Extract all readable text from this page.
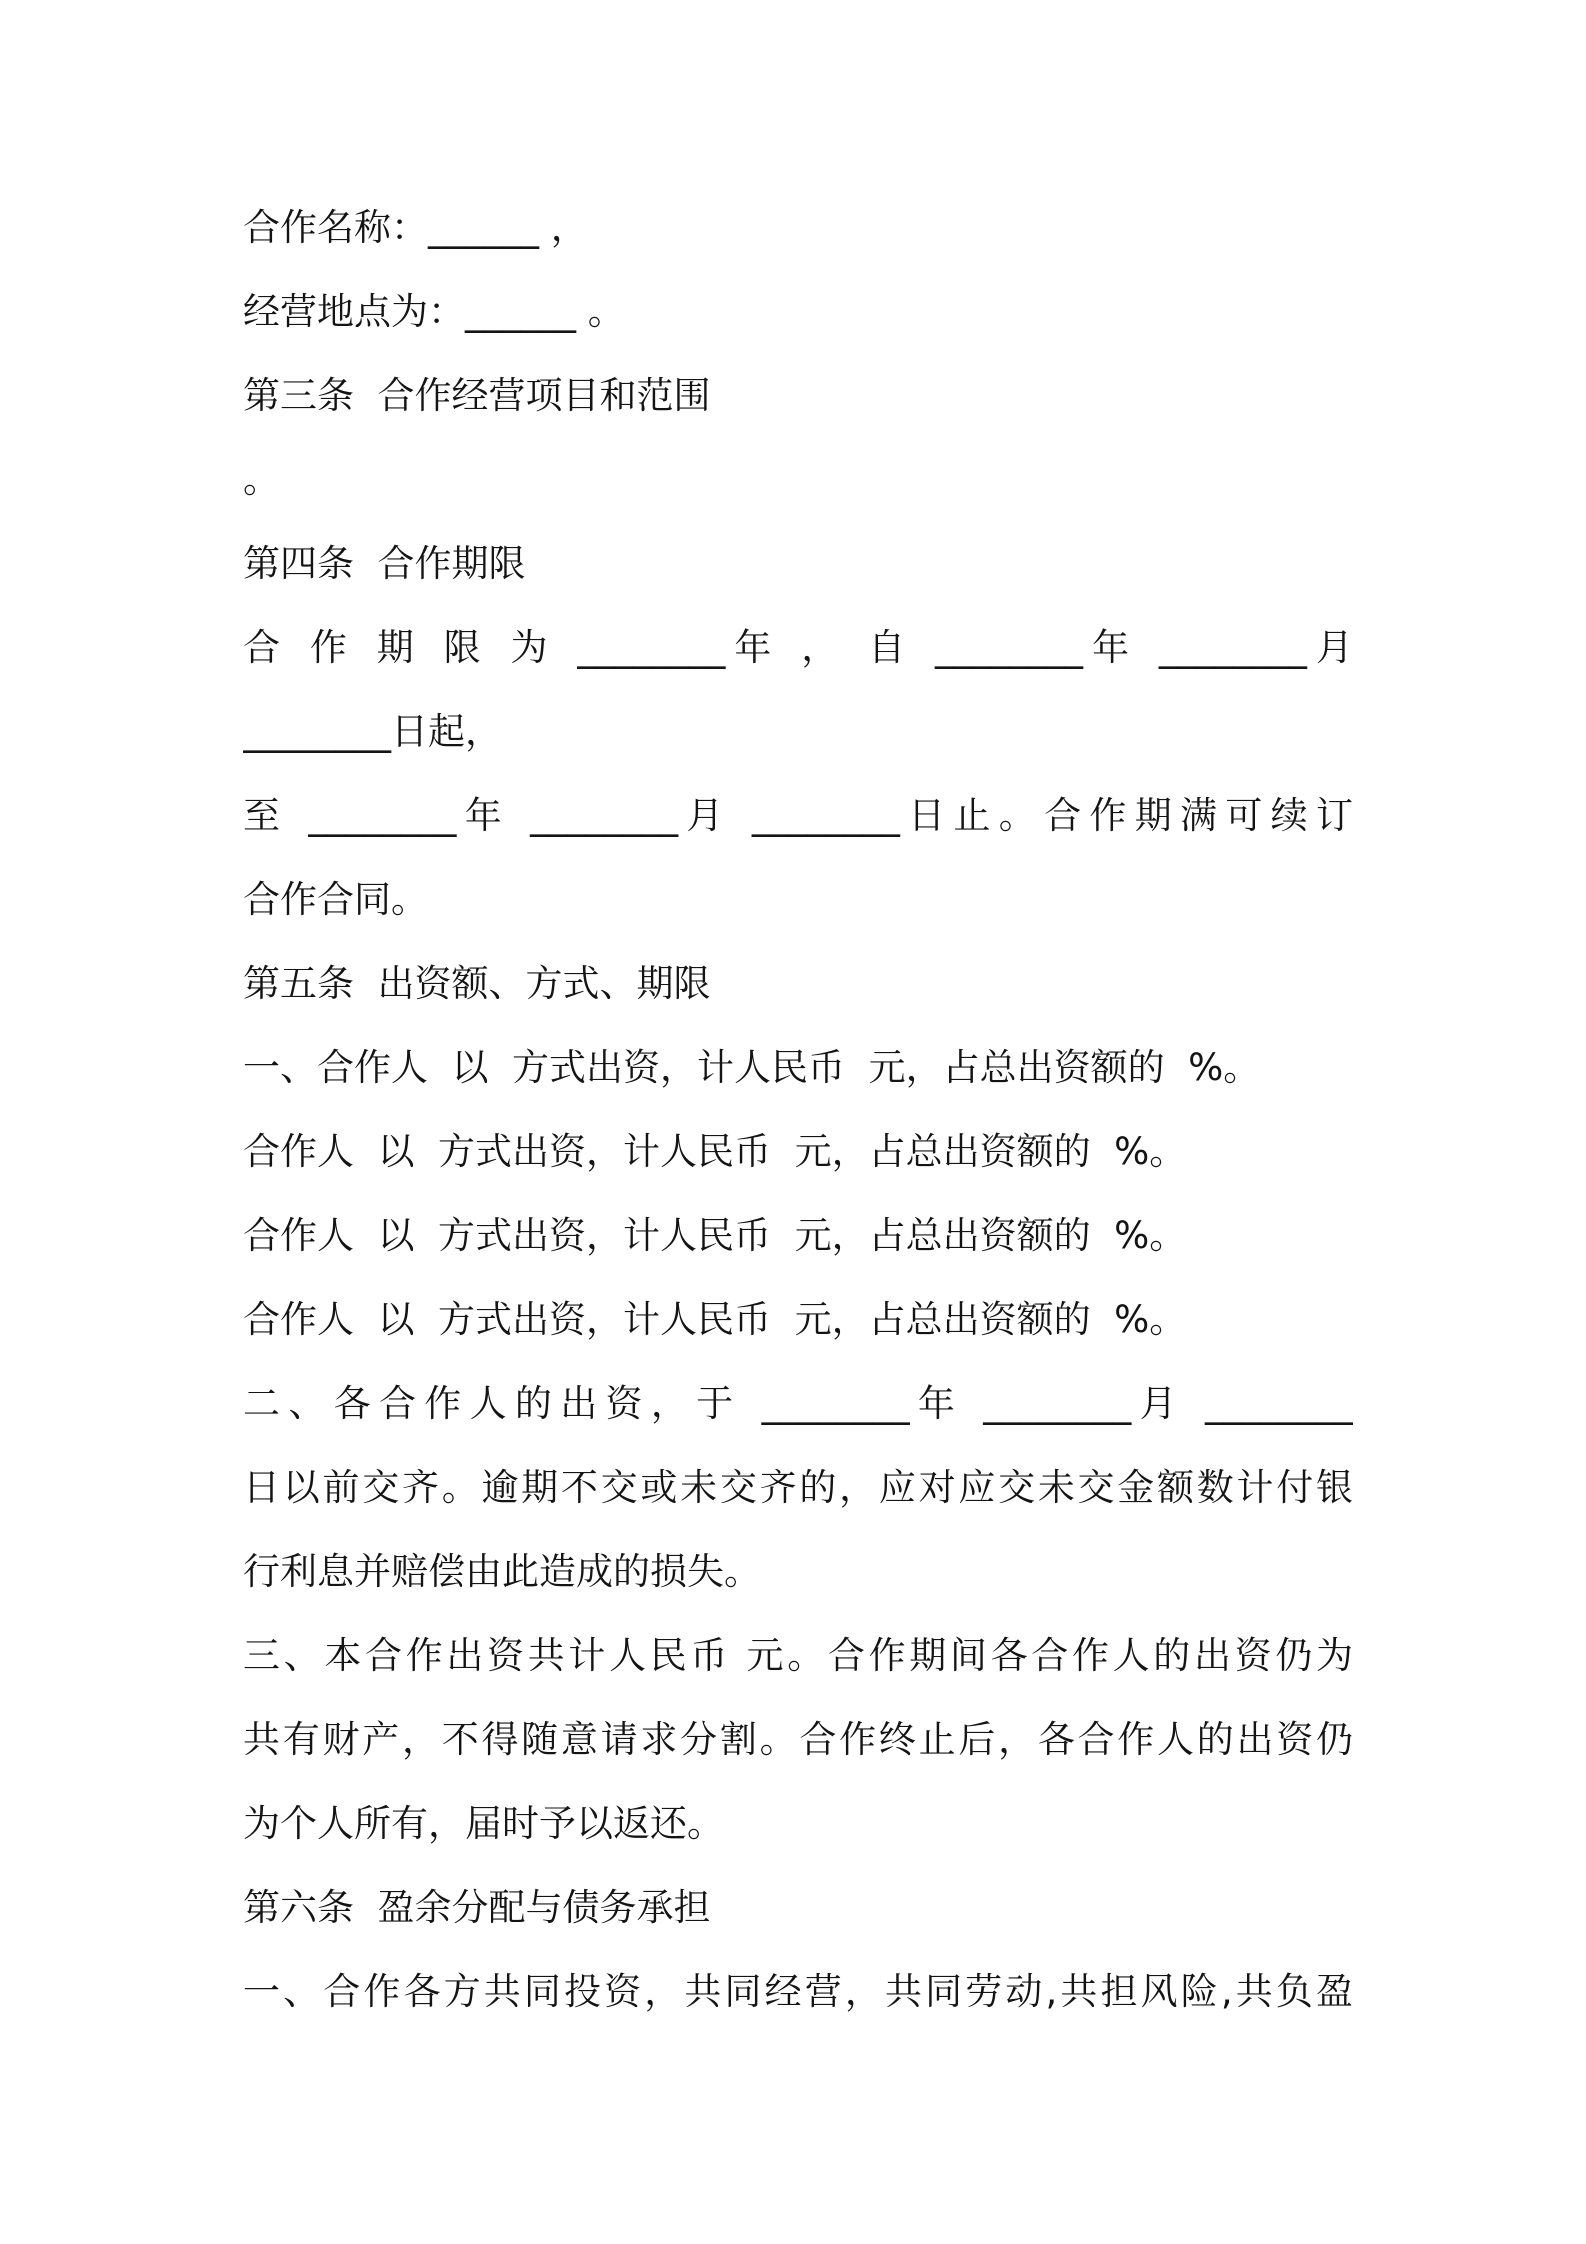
合作名称：______ ，
经营地点为：______ 。
第三条  合作经营项目和范围
。
第四条  合作期限
合 作 期 限 为 ________年 ， 自 ________年 ________月
________日起，
至 ________年 ________月 ________日止。合作期满可续订
合作合同。
第五条  出资额、方式、期限
一、合作人  以  方式出资，计人民币  元，占总出资额的  %。
合作人  以  方式出资，计人民币  元，占总出资额的  %。
合作人  以  方式出资，计人民币  元，占总出资额的  %。
合作人  以  方式出资，计人民币  元，占总出资额的  %。
二、各合作人的出资，于 ________年 ________月 ________
日以前交齐。逾期不交或未交齐的，应对应交未交金额数计付银
行利息并赔偿由此造成的损失。
三、本合作出资共计人民币 元。合作期间各合作人的出资仍为
共有财产，不得随意请求分割。合作终止后，各合作人的出资仍
为个人所有，届时予以返还。
第六条  盈余分配与债务承担
一、合作各方共同投资，共同经营，共同劳动,共担风险,共负盈
